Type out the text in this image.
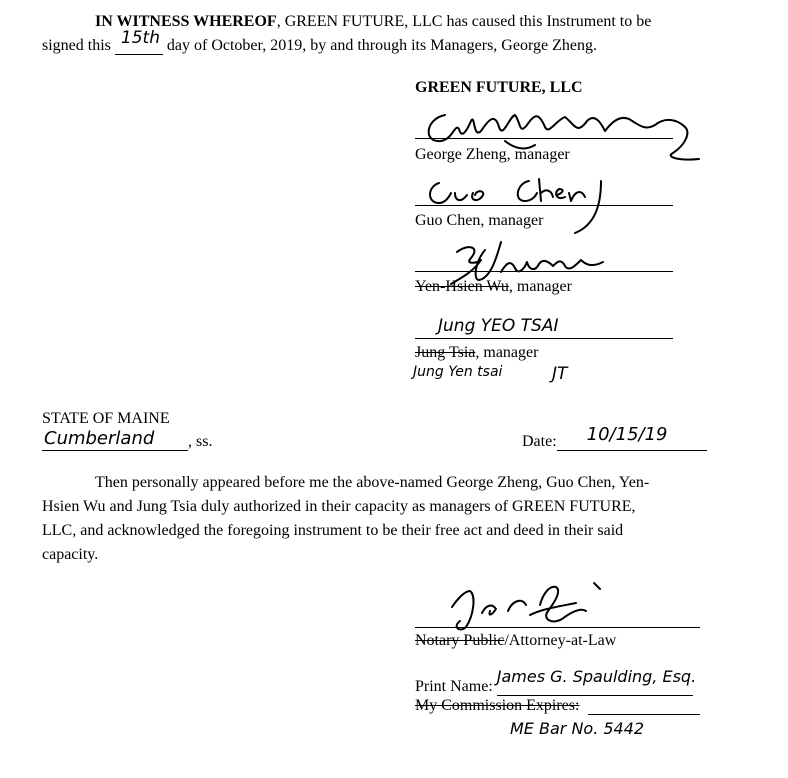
IN WITNESS WHEREOF, GREEN FUTURE, LLC has caused this Instrument to be
signed this 15th day of October, 2019, by and through its Managers, George Zheng.
GREEN FUTURE, LLC
George Zheng, manager
Guo Chen, manager
Yen-Hsien Wu, manager
Jung YEO TSAI
Jung Tsia, manager
Jung Yen tsai	JT
STATE OF MAINE
Cumberland , ss.	Date: 10/15/19
Then personally appeared before me the above-named George Zheng, Guo Chen, Yen-
Hsien Wu and Jung Tsia duly authorized in their capacity as managers of GREEN FUTURE,
LLC, and acknowledged the foregoing instrument to be their free act and deed in their said
capacity.
Notary Public/Attorney-at-Law
Print Name:
James G. Spaulding, Esq.
My Commission Expires:
ME Bar No. 5442
